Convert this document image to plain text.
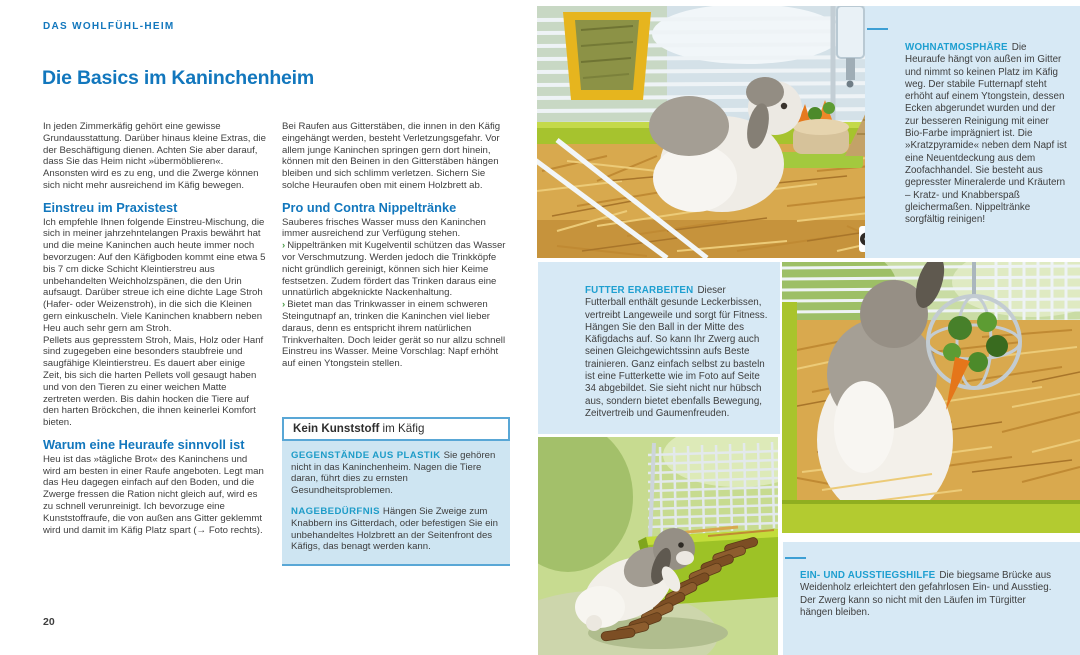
DAS WOHLFÜHL-HEIM
Die Basics im Kaninchenheim

In jeden Zimmerkäfig gehört eine gewisse Grundausstattung. Darüber hinaus kleine Extras, die der Beschäftigung dienen. Achten Sie aber darauf, dass Sie das Heim nicht »übermöblieren«. Ansonsten wird es zu eng, und die Zwerge können sich nicht mehr ausreichend im Käfig bewegen.

Einstreu im Praxistest

Ich empfehle Ihnen folgende Einstreu-Mischung, die sich in meiner jahrzehntelangen Praxis bewährt hat und die meine Kaninchen auch heute immer noch bevorzugen: Auf den Käfigboden kommt eine etwa 5 bis 7 cm dicke Schicht Kleintierstreu aus unbehandelten Weichholzspänen, die den Urin aufsaugt. Darüber streue ich eine dichte Lage Stroh (Hafer- oder Weizenstroh), in die sich die Kleinen gern einkuscheln. Viele Kaninchen knabbern neben Heu auch sehr gern am Stroh.

Pellets aus gepresstem Stroh, Mais, Holz oder Hanf sind zugegeben eine besonders staubfreie und saugfähige Kleintierstreu. Es dauert aber einige Zeit, bis sich die harten Pellets voll gesaugt haben und von den Tieren zu einer weichen Matte zertreten werden. Bis dahin hocken die Tiere auf den harten Bröckchen, die ihnen keinerlei Komfort bieten.

Warum eine Heuraufe sinnvoll ist

Heu ist das »tägliche Brot« des Kaninchens und wird am besten in einer Raufe angeboten. Legt man das Heu dagegen einfach auf den Boden, und die Zwerge fressen die Ration nicht gleich auf, wird es zu schnell verunreinigt. Ich bevorzuge eine Kunststoffraufe, die von außen ans Gitter geklemmt wird und damit im Käfig Platz spart (→ Foto rechts).

Bei Raufen aus Gitterstäben, die innen in den Käfig eingehängt werden, besteht Verletzungsgefahr. Vor allem junge Kaninchen springen gern dort hinein, können mit den Beinen in den Gitterstäben hängen bleiben und sich schlimm verletzen. Sichern Sie solche Heuraufen oben mit einem Holzbrett ab.

Pro und Contra Nippeltränke

Sauberes frisches Wasser muss den Kaninchen immer ausreichend zur Verfügung stehen.

› Nippeltränken mit Kugelventil schützen das Wasser vor Verschmutzung. Werden jedoch die Trinkköpfe nicht gründlich gereinigt, können sich hier Keime festsetzen. Zudem fördert das Trinken daraus eine unnatürlich abgeknickte Nackenhaltung.

› Bietet man das Trinkwasser in einem schweren Steingutnapf an, trinken die Kaninchen viel lieber daraus, denn es entspricht ihrem natürlichen Trinkverhalten. Doch leider gerät so nur allzu schnell Einstreu ins Wasser. Meine Vorschlag: Napf erhöht auf einen Ytongstein stellen.

Kein Kunststoff im Käfig

GEGENSTÄNDE AUS PLASTIK Sie gehören nicht in das Kaninchenheim. Nagen die Tiere daran, führt dies zu ernsten Gesundheitsproblemen.

NAGEBEDÜRFNIS Hängen Sie Zweige zum Knabbern ins Gitterdach, oder befestigen Sie ein unbehandeltes Holzbrett an der Seitenfront des Käfigs, das benagt werden kann.

20

WOHNATMOSPHÄRE Die Heuraufe hängt von außen im Gitter und nimmt so keinen Platz im Käfig weg. Der stabile Futternapf steht erhöht auf einem Ytongstein, dessen Ecken abgerundet wurden und der zur besseren Reinigung mit einer Bio-Farbe imprägniert ist. Die »Kratzpyramide« neben dem Napf ist eine Neuentdeckung aus dem Zoofachhandel. Sie besteht aus gepresster Mineralerde und Kräutern – Kratz- und Knabberspaß gleichermaßen. Nippeltränke sorgfältig reinigen!

FUTTER ERARBEITEN Dieser Futterball enthält gesunde Leckerbissen, vertreibt Langeweile und sorgt für Fitness. Hängen Sie den Ball in der Mitte des Käfigdachs auf. So kann Ihr Zwerg auch seinen Gleichgewichtssinn aufs Beste trainieren. Ganz einfach selbst zu basteln ist eine Futterkette wie im Foto auf Seite 34 abgebildet. Sie sieht nicht nur hübsch aus, sondern bietet ebenfalls Bewegung, Zeitvertreib und Gaumenfreuden.

EIN- UND AUSSTIEGSHILFE Die biegsame Brücke aus Weidenholz erleichtert den gefahrlosen Ein- und Ausstieg. Der Zwerg kann so nicht mit den Läufen im Türgitter hängen bleiben.
